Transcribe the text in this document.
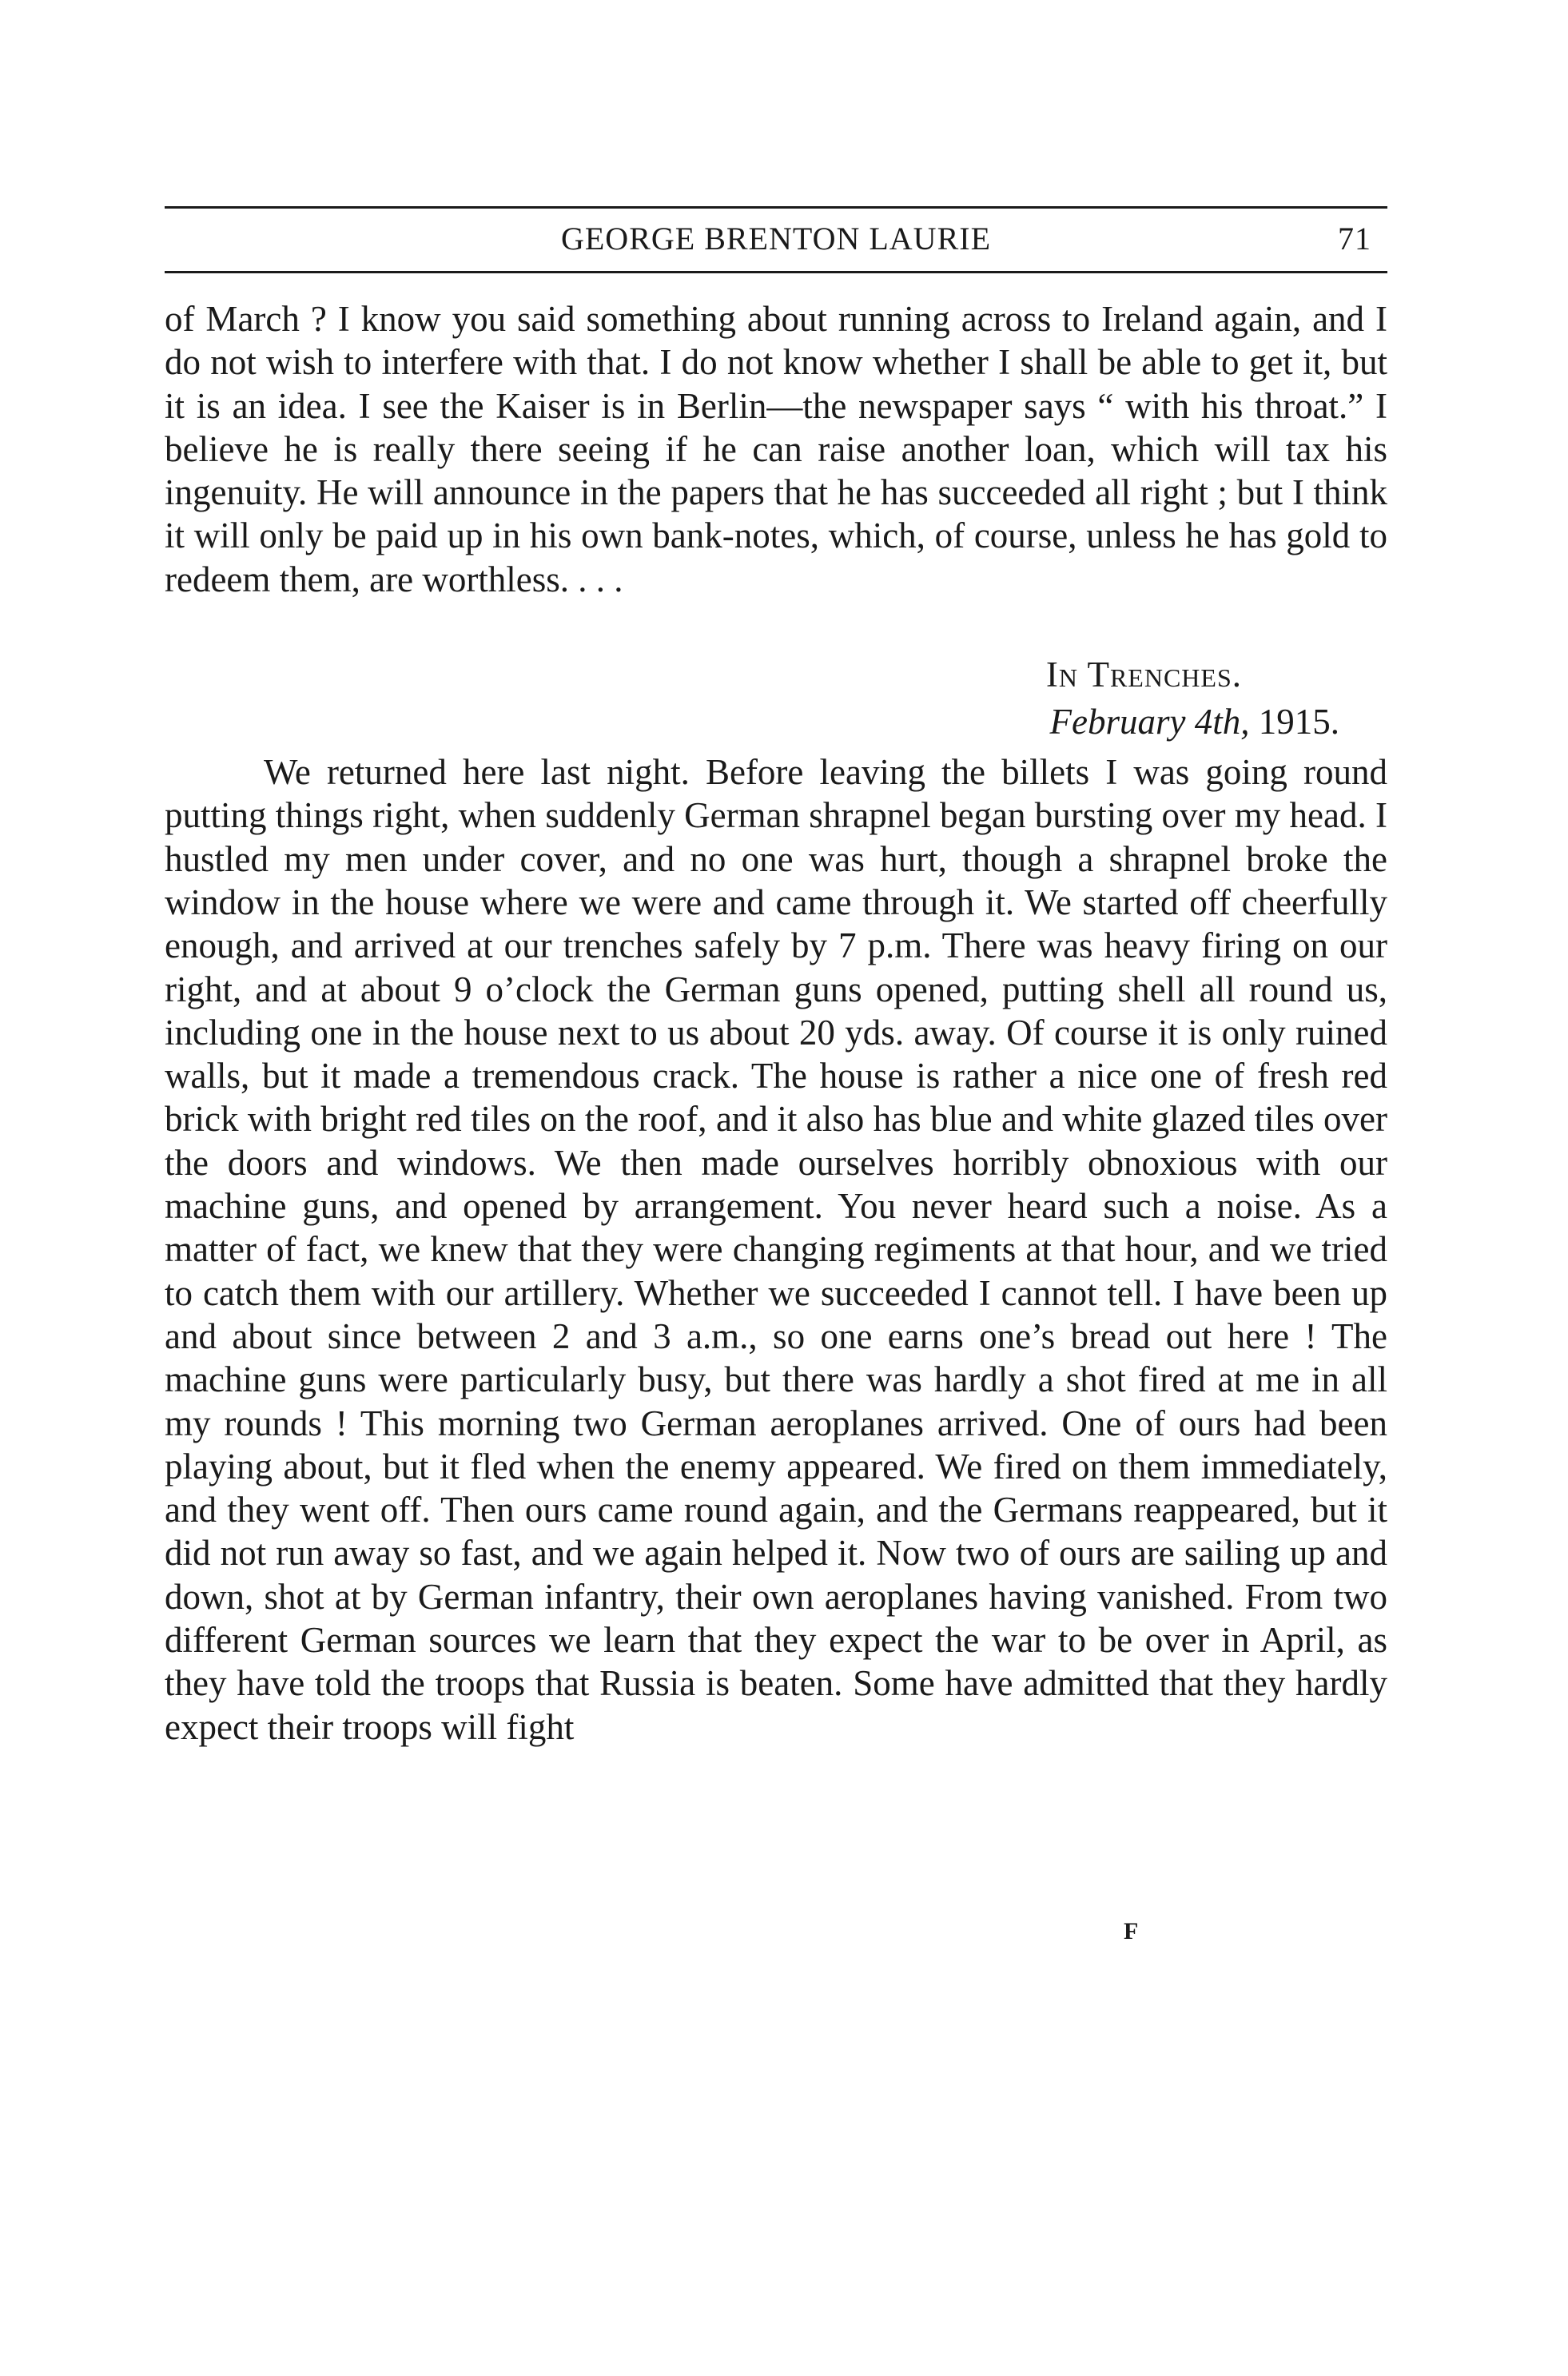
GEORGE BRENTON LAURIE	71

of March ? I know you said something about running across to Ireland again, and I do not wish to interfere with that. I do not know whether I shall be able to get it, but it is an idea. I see the Kaiser is in Berlin—the newspaper says “ with his throat.” I believe he is really there seeing if he can raise another loan, which will tax his ingenuity. He will announce in the papers that he has succeeded all right ; but I think it will only be paid up in his own bank-notes, which, of course, unless he has gold to redeem them, are worthless. . . .

In Trenches.
February 4th, 1915.

We returned here last night. Before leaving the billets I was going round putting things right, when suddenly German shrapnel began bursting over my head. I hustled my men under cover, and no one was hurt, though a shrapnel broke the window in the house where we were and came through it. We started off cheerfully enough, and arrived at our trenches safely by 7 p.m. There was heavy firing on our right, and at about 9 o’clock the German guns opened, putting shell all round us, including one in the house next to us about 20 yds. away. Of course it is only ruined walls, but it made a tremendous crack. The house is rather a nice one of fresh red brick with bright red tiles on the roof, and it also has blue and white glazed tiles over the doors and windows. We then made ourselves horribly obnoxious with our machine guns, and opened by arrangement. You never heard such a noise. As a matter of fact, we knew that they were changing regiments at that hour, and we tried to catch them with our artillery. Whether we succeeded I cannot tell. I have been up and about since between 2 and 3 a.m., so one earns one’s bread out here ! The machine guns were particularly busy, but there was hardly a shot fired at me in all my rounds ! This morning two German aeroplanes arrived. One of ours had been playing about, but it fled when the enemy appeared. We fired on them immediately, and they went off. Then ours came round again, and the Germans reappeared, but it did not run away so fast, and we again helped it. Now two of ours are sailing up and down, shot at by German infantry, their own aeroplanes having vanished. From two different German sources we learn that they expect the war to be over in April, as they have told the troops that Russia is beaten. Some have admitted that they hardly expect their troops will fight

F
